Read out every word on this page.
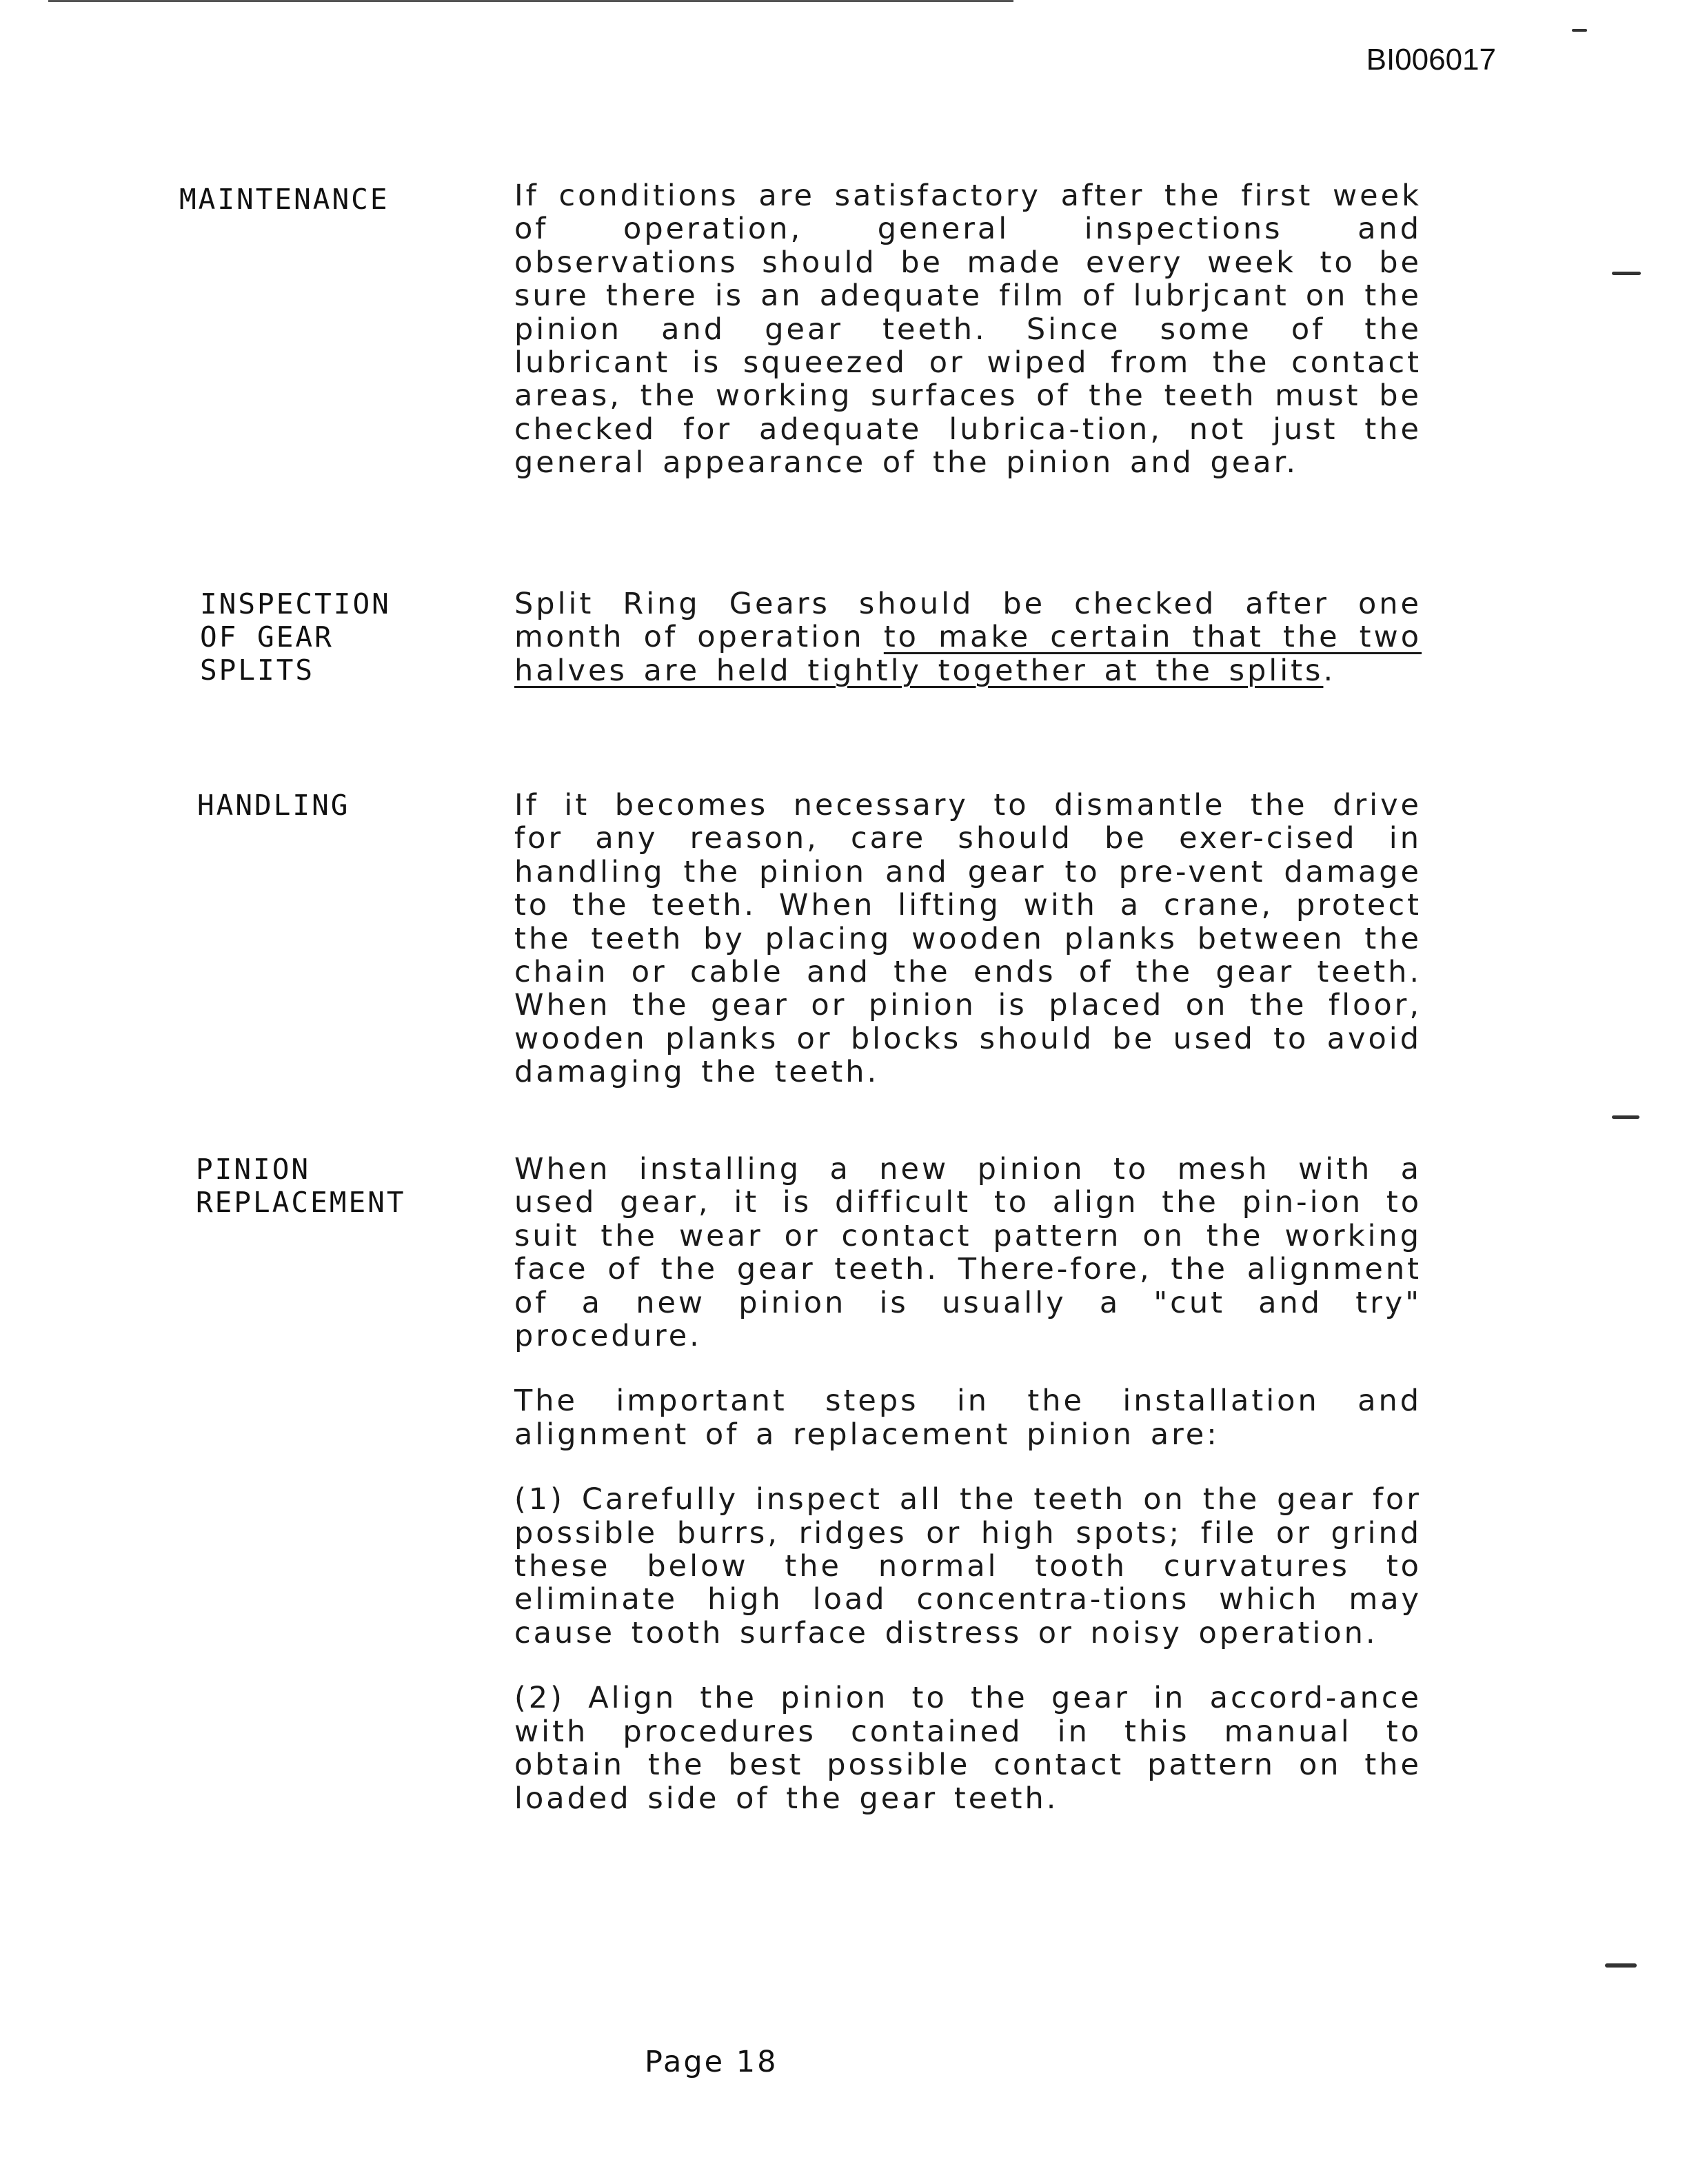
BI006017
MAINTENANCE	If conditions are satisfactory after the first week of operation, general inspections and observations should be made every week to be sure there is an adequate film of lubrjcant on the pinion and gear teeth. Since some of the lubricant is squeezed or wiped from the contact areas, the working surfaces of the teeth must be checked for adequate lubrica-tion, not just the general appearance of the pinion and gear.

INSPECTION
OF GEAR
SPLITS

Split Ring Gears should be checked after one month of operation to make certain that the two halves are held tightly together at the splits.

HANDLING	If it becomes necessary to dismantle the drive for any reason, care should be exer-cised in handling the pinion and gear to pre-vent damage to the teeth. When lifting with a crane, protect the teeth by placing wooden planks between the chain or cable and the ends of the gear teeth. When the gear or pinion is placed on the floor, wooden planks or blocks should be used to avoid damaging the teeth.

PINION
REPLACEMENT

When installing a new pinion to mesh with a used gear, it is difficult to align the pin-ion to suit the wear or contact pattern on the working face of the gear teeth. There-fore, the alignment of a new pinion is usually a "cut and try" procedure.

The important steps in the installation and alignment of a replacement pinion are:

(1) Carefully inspect all the teeth on the gear for possible burrs, ridges or high spots; file or grind these below the normal tooth curvatures to eliminate high load concentra-tions which may cause tooth surface distress or noisy operation.

(2) Align the pinion to the gear in accord-ance with procedures contained in this manual to obtain the best possible contact pattern on the loaded side of the gear teeth.

Page 18
